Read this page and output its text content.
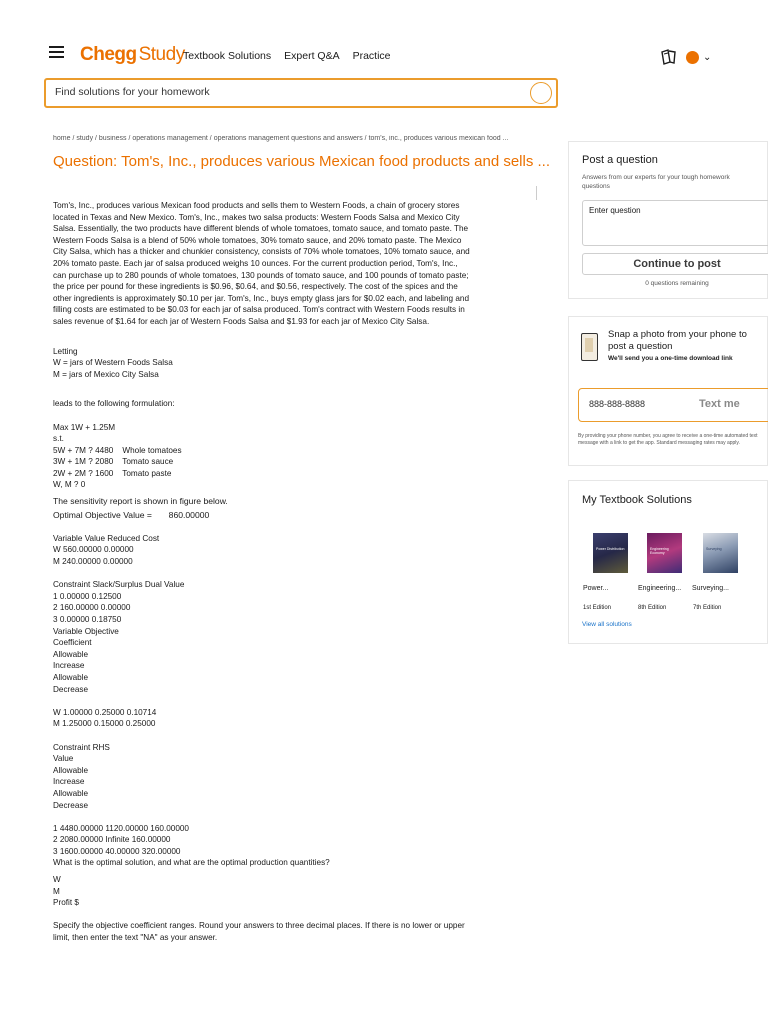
Chegg Study
Textbook Solutions Expert Q&A Practice	⌄
Find solutions for your homework
home / study / business / operations management / operations management questions and answers / tom's, inc., produces various mexican food ...
Question: Tom's, Inc., produces various Mexican food products and sells ...

Tom's, Inc., produces various Mexican food products and sells them to Western Foods, a chain of grocery stores located in Texas and New Mexico. Tom's, Inc., makes two salsa products: Western Foods Salsa and Mexico City Salsa. Essentially, the two products have different blends of whole tomatoes, tomato sauce, and tomato paste. The Western Foods Salsa is a blend of 50% whole tomatoes, 30% tomato sauce, and 20% tomato paste. The Mexico City Salsa, which has a thicker and chunkier consistency, consists of 70% whole tomatoes, 10% tomato sauce, and 20% tomato paste. Each jar of salsa produced weighs 10 ounces. For the current production period, Tom's, Inc., can purchase up to 280 pounds of whole tomatoes, 130 pounds of tomato sauce, and 100 pounds of tomato paste; the price per pound for these ingredients is $0.96, $0.64, and $0.56, respectively. The cost of the spices and the other ingredients is approximately $0.10 per jar. Tom's, Inc., buys empty glass jars for $0.02 each, and labeling and filling costs are estimated to be $0.03 for each jar of salsa produced. Tom's contract with Western Foods results in sales revenue of $1.64 for each jar of Western Foods Salsa and $1.93 for each jar of Mexico City Salsa.

Letting

W = jars of Western Foods Salsa

M = jars of Mexico City Salsa

leads to the following formulation:

Max 1W + 1.25M

s.t.

5W + 7M ? 4480    Whole tomatoes

3W + 1M ? 2080    Tomato sauce

2W + 2M ? 1600    Tomato paste

W, M ? 0

The sensitivity report is shown in figure below.

Optimal Objective Value =       860.00000

Variable Value Reduced Cost

W 560.00000 0.00000

M 240.00000 0.00000

Constraint Slack/Surplus Dual Value

1 0.00000 0.12500

2 160.00000 0.00000

3 0.00000 0.18750

Variable Objective

Coefficient

Allowable

Increase

Allowable

Decrease

W 1.00000 0.25000 0.10714

M 1.25000 0.15000 0.25000

Constraint RHS

Value

Allowable

Increase

Allowable

Decrease

1 4480.00000 1120.00000 160.00000

2 2080.00000 Infinite 160.00000

3 1600.00000 40.00000 320.00000

What is the optimal solution, and what are the optimal production quantities?

W

M

Profit $

Specify the objective coefficient ranges. Round your answers to three decimal places. If there is no lower or upper limit, then enter the text "NA" as your answer.

Post a question
Answers from our experts for your tough homework questions
Enter question
Continue to post
0 questions remaining
Snap a photo from your phone to post a question
We'll send you a one-time download link
888-888-8888
Text me
By providing your phone number, you agree to receive a one-time automated text message with a link to get the app. Standard messaging rates may apply.
My Textbook Solutions
Power Distribution	Engineering Economy
Surveying
Power...	Engineering... Surveying...
1st Edition	8th Edition	7th Edition
View all solutions
